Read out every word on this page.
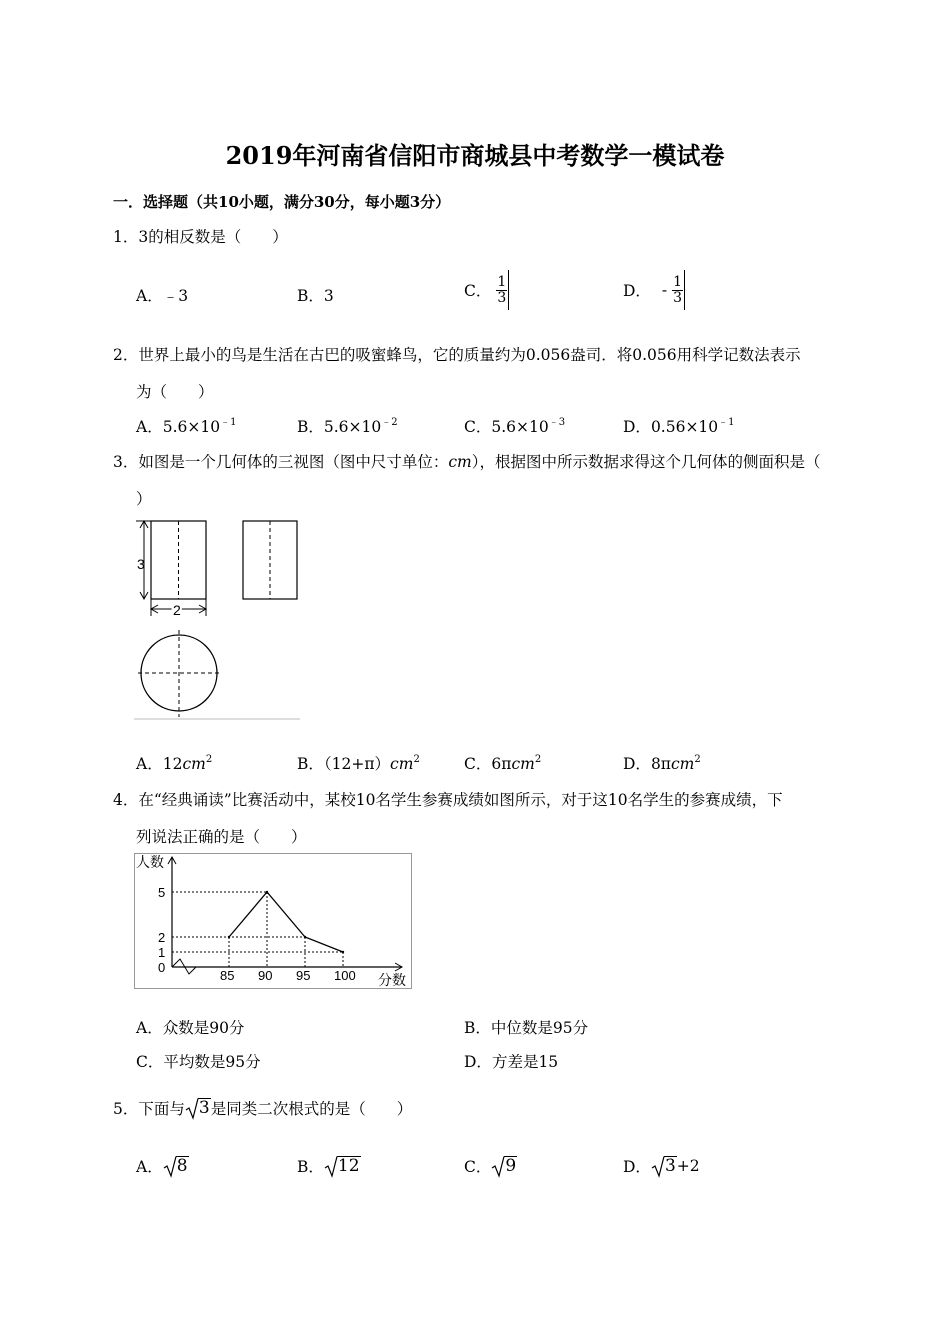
2019年河南省信阳市商城县中考数学一模试卷
一．选择题（共10小题，满分30分，每小题3分）
1．3的相反数是（　　）
A．﹣3	B．3	C． $\frac{1}{3}$	D． - $\frac{1}{3}$
2．世界上最小的鸟是生活在古巴的吸蜜蜂鸟，它的质量约为0.056盎司．将0.056用科学记数法表示
为（　　）
A．$5.6\times 10^{﹣1}$	B．$5.6\times 10^{﹣2}$	C．$5.6\times 10^{﹣3}$	D．$0.56\times 10^{﹣1}$
3．如图是一个几何体的三视图（图中尺寸单位：cm），根据图中所示数据求得这个几何体的侧面积是（
）
3
2
A．$12cm^2$	B．$(12+\pi)cm^2$	C．6πcm$^2$	D．8πcm$^2$
4．在“经典诵读”比赛活动中，某校10名学生参赛成绩如图所示，对于这10名学生的参赛成绩，下
列说法正确的是（　　）
人数
分数
5
2
1
0
85 90 95 100
A．众数是90分	B．中位数是95分
C．平均数是95分	D．方差是15
5．下面与 3是同类二次根式的是（　　）
A． 8	B． 12	C． 9	D． 3+2
